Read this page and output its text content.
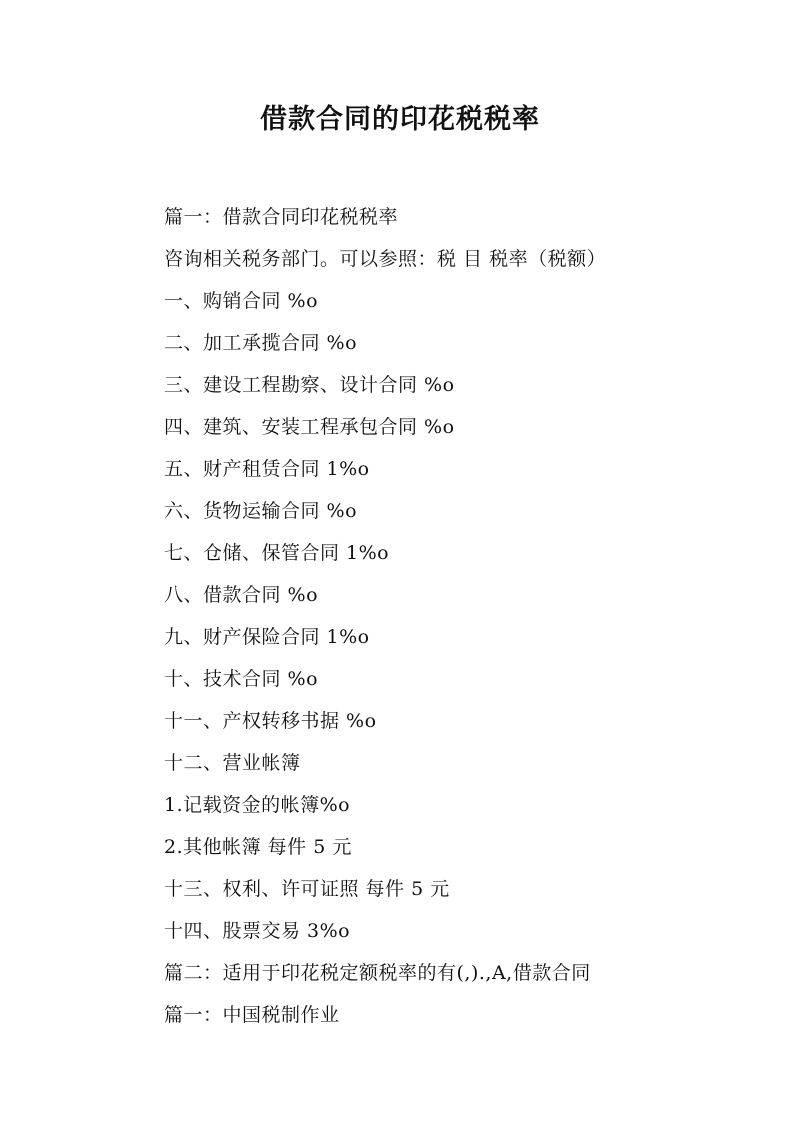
借款合同的印花税税率
篇一：借款合同印花税税率
咨询相关税务部门。可以参照：税 目 税率（税额）
一、购销合同 %o
二、加工承揽合同 %o
三、建设工程勘察、设计合同 %o
四、建筑、安装工程承包合同 %o
五、财产租赁合同 1%o
六、货物运输合同 %o
七、仓储、保管合同 1%o
八、借款合同 %o
九、财产保险合同 1%o
十、技术合同 %o
十一、产权转移书据 %o
十二、营业帐簿
1.记载资金的帐簿%o
2.其他帐簿 每件 5 元
十三、权利、许可证照 每件 5 元
十四、股票交易 3%o
篇二：适用于印花税定额税率的有(,).,A,借款合同
篇一：中国税制作业
